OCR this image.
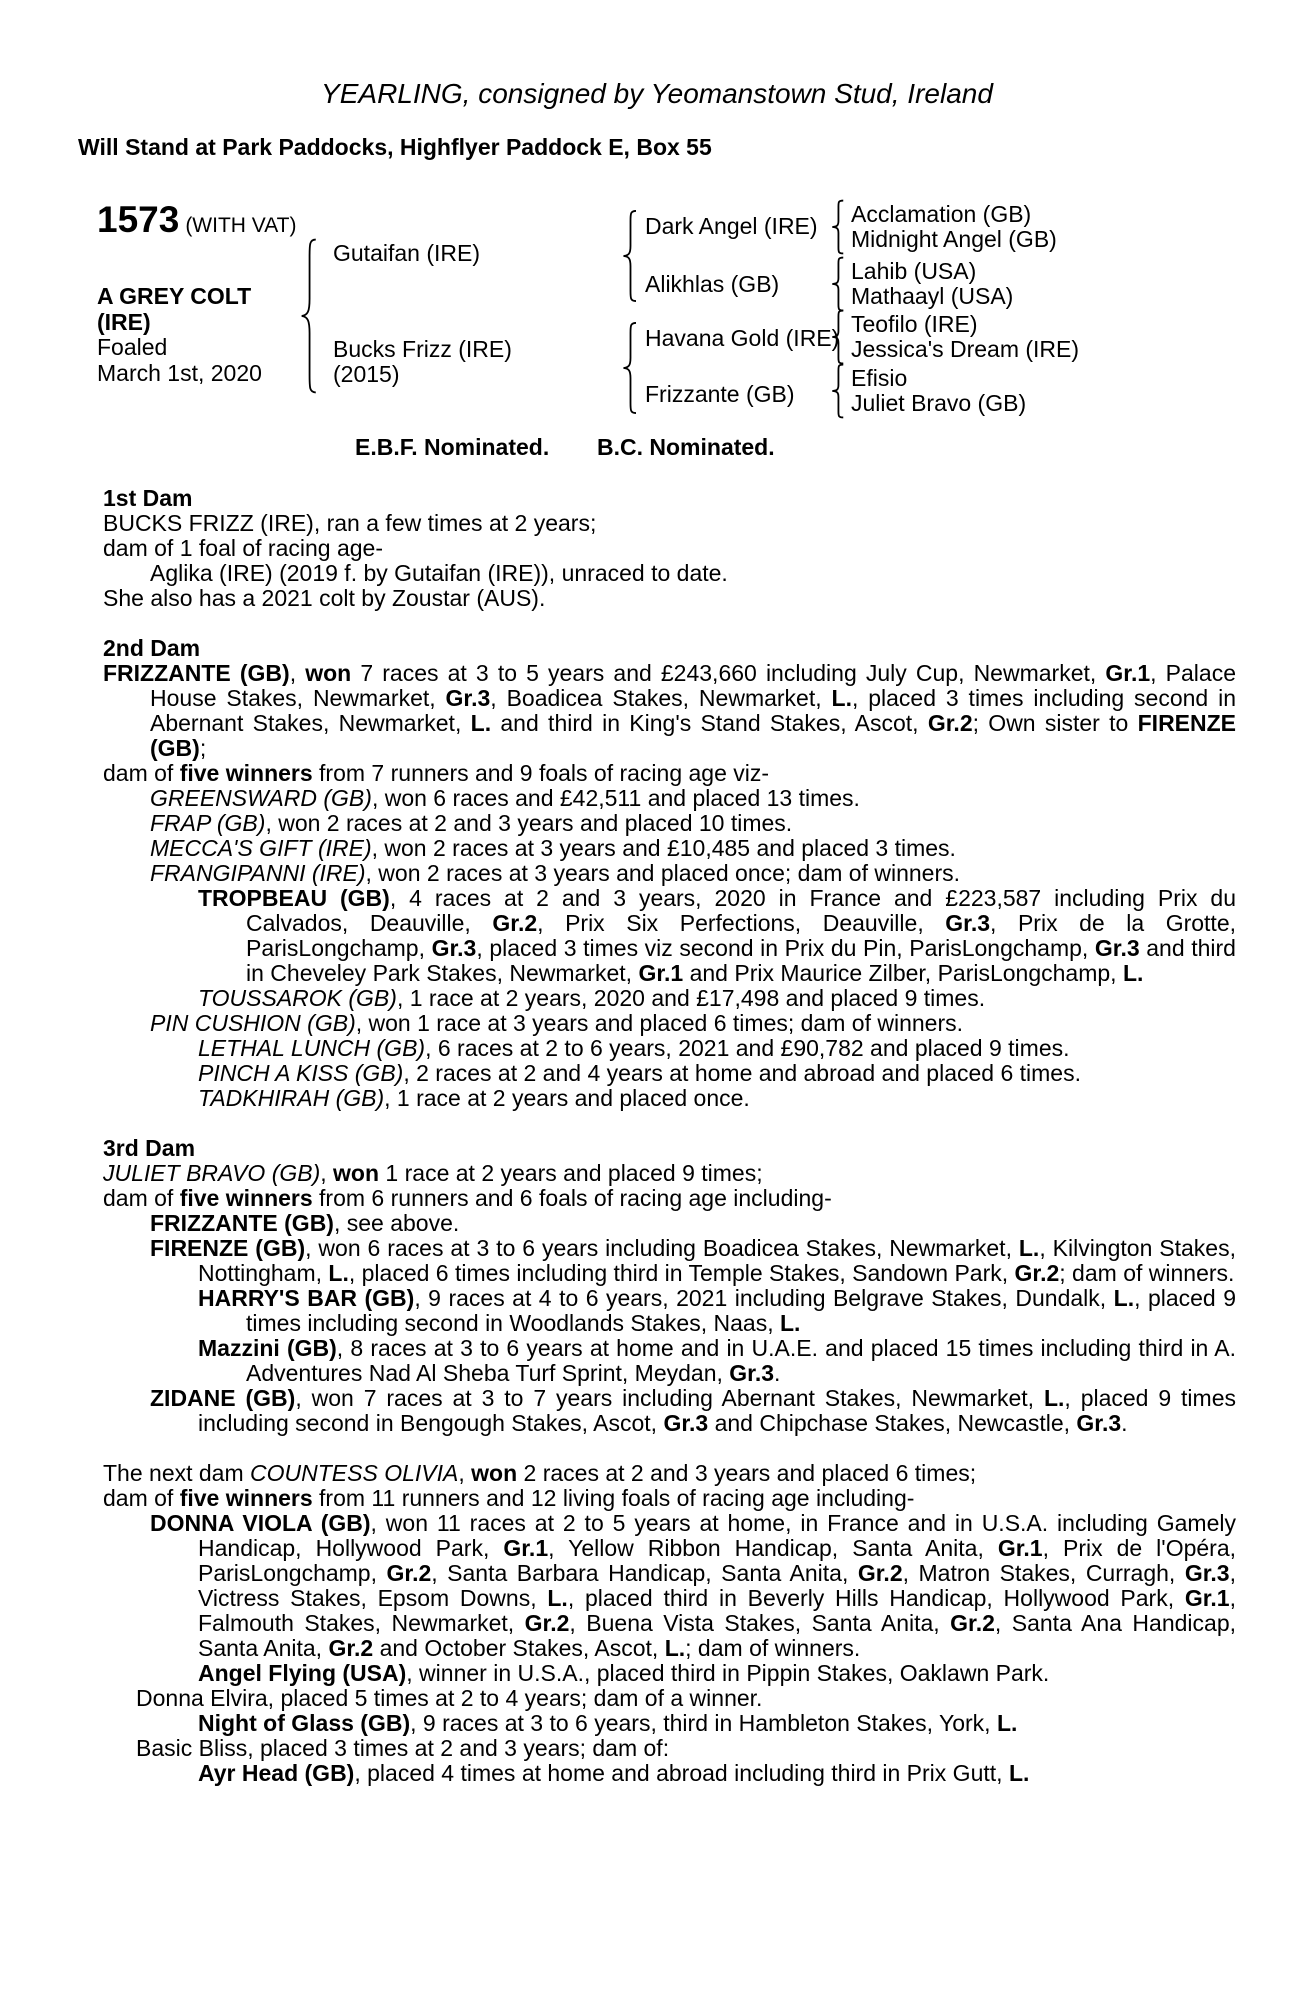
YEARLING, consigned by Yeomanstown Stud, Ireland
Will Stand at Park Paddocks, Highflyer Paddock E, Box 55
1573 (WITH VAT)
A GREY COLT
(IRE)
Foaled
March 1st, 2020
Gutaifan (IRE)
Bucks Frizz (IRE)
(2015)
Dark Angel (IRE)
Alikhlas (GB)
Havana Gold (IRE)
Frizzante (GB)
Acclamation (GB)
Midnight Angel (GB)
Lahib (USA)
Mathaayl (USA)
Teofilo (IRE)
Jessica's Dream (IRE)
Efisio
Juliet Bravo (GB)
E.B.F. Nominated. B.C. Nominated.
1st Dam

BUCKS FRIZZ (IRE), ran a few times at 2 years;

dam of 1 foal of racing age-

Aglika (IRE) (2019 f. by Gutaifan (IRE)), unraced to date.

She also has a 2021 colt by Zoustar (AUS).

2nd Dam

FRIZZANTE (GB), won 7 races at 3 to 5 years and £243,660 including July Cup, Newmarket, Gr.1, Palace House Stakes, Newmarket, Gr.3, Boadicea Stakes, Newmarket, L., placed 3 times including second in Abernant Stakes, Newmarket, L. and third in King's Stand Stakes, Ascot, Gr.2; Own sister to FIRENZE (GB);

dam of five winners from 7 runners and 9 foals of racing age viz-

GREENSWARD (GB), won 6 races and £42,511 and placed 13 times.

FRAP (GB), won 2 races at 2 and 3 years and placed 10 times.

MECCA'S GIFT (IRE), won 2 races at 3 years and £10,485 and placed 3 times.

FRANGIPANNI (IRE), won 2 races at 3 years and placed once; dam of winners.

TROPBEAU (GB), 4 races at 2 and 3 years, 2020 in France and £223,587 including Prix du Calvados, Deauville, Gr.2, Prix Six Perfections, Deauville, Gr.3, Prix de la Grotte, ParisLongchamp, Gr.3, placed 3 times viz second in Prix du Pin, ParisLongchamp, Gr.3 and third in Cheveley Park Stakes, Newmarket, Gr.1 and Prix Maurice Zilber, ParisLongchamp, L.

TOUSSAROK (GB), 1 race at 2 years, 2020 and £17,498 and placed 9 times.

PIN CUSHION (GB), won 1 race at 3 years and placed 6 times; dam of winners.

LETHAL LUNCH (GB), 6 races at 2 to 6 years, 2021 and £90,782 and placed 9 times.

PINCH A KISS (GB), 2 races at 2 and 4 years at home and abroad and placed 6 times.

TADKHIRAH (GB), 1 race at 2 years and placed once.

3rd Dam

JULIET BRAVO (GB), won 1 race at 2 years and placed 9 times;

dam of five winners from 6 runners and 6 foals of racing age including-

FRIZZANTE (GB), see above.

FIRENZE (GB), won 6 races at 3 to 6 years including Boadicea Stakes, Newmarket, L., Kilvington Stakes, Nottingham, L., placed 6 times including third in Temple Stakes, Sandown Park, Gr.2; dam of winners.

HARRY'S BAR (GB), 9 races at 4 to 6 years, 2021 including Belgrave Stakes, Dundalk, L., placed 9 times including second in Woodlands Stakes, Naas, L.

Mazzini (GB), 8 races at 3 to 6 years at home and in U.A.E. and placed 15 times including third in A. Adventures Nad Al Sheba Turf Sprint, Meydan, Gr.3.

ZIDANE (GB), won 7 races at 3 to 7 years including Abernant Stakes, Newmarket, L., placed 9 times including second in Bengough Stakes, Ascot, Gr.3 and Chipchase Stakes, Newcastle, Gr.3.

The next dam COUNTESS OLIVIA, won 2 races at 2 and 3 years and placed 6 times;

dam of five winners from 11 runners and 12 living foals of racing age including-

DONNA VIOLA (GB), won 11 races at 2 to 5 years at home, in France and in U.S.A. including Gamely Handicap, Hollywood Park, Gr.1, Yellow Ribbon Handicap, Santa Anita, Gr.1, Prix de l'Opéra, ParisLongchamp, Gr.2, Santa Barbara Handicap, Santa Anita, Gr.2, Matron Stakes, Curragh, Gr.3, Victress Stakes, Epsom Downs, L., placed third in Beverly Hills Handicap, Hollywood Park, Gr.1, Falmouth Stakes, Newmarket, Gr.2, Buena Vista Stakes, Santa Anita, Gr.2, Santa Ana Handicap, Santa Anita, Gr.2 and October Stakes, Ascot, L.; dam of winners.

Angel Flying (USA), winner in U.S.A., placed third in Pippin Stakes, Oaklawn Park.

Donna Elvira, placed 5 times at 2 to 4 years; dam of a winner.

Night of Glass (GB), 9 races at 3 to 6 years, third in Hambleton Stakes, York, L.

Basic Bliss, placed 3 times at 2 and 3 years; dam of:

Ayr Head (GB), placed 4 times at home and abroad including third in Prix Gutt, L.
